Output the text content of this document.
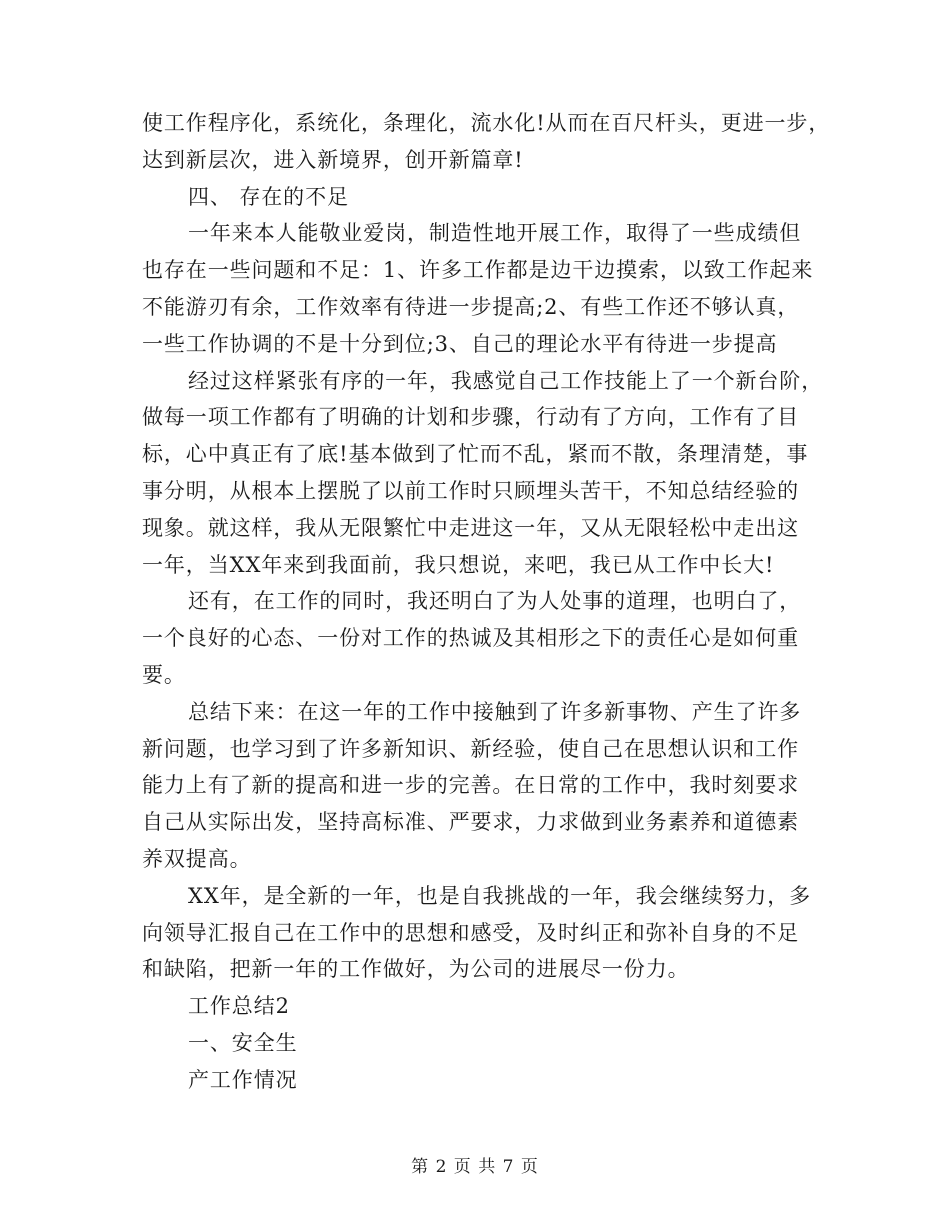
使工作程序化，系统化，条理化，流水化!从而在百尺杆头，更进一步，
达到新层次，进入新境界，创开新篇章!
四、 存在的不足
一年来本人能敬业爱岗，制造性地开展工作，取得了一些成绩但
也存在一些问题和不足：1、许多工作都是边干边摸索，以致工作起来
不能游刃有余，工作效率有待进一步提高;2、有些工作还不够认真，
一些工作协调的不是十分到位;3、自己的理论水平有待进一步提高
经过这样紧张有序的一年，我感觉自己工作技能上了一个新台阶，
做每一项工作都有了明确的计划和步骤，行动有了方向，工作有了目
标，心中真正有了底!基本做到了忙而不乱，紧而不散，条理清楚，事
事分明，从根本上摆脱了以前工作时只顾埋头苦干，不知总结经验的
现象。就这样，我从无限繁忙中走进这一年，又从无限轻松中走出这
一年，当XX年来到我面前，我只想说，来吧，我已从工作中长大!
还有，在工作的同时，我还明白了为人处事的道理，也明白了，
一个良好的心态、一份对工作的热诚及其相形之下的责任心是如何重
要。
总结下来：在这一年的工作中接触到了许多新事物、产生了许多
新问题，也学习到了许多新知识、新经验，使自己在思想认识和工作
能力上有了新的提高和进一步的完善。在日常的工作中，我时刻要求
自己从实际出发，坚持高标准、严要求，力求做到业务素养和道德素
养双提高。
XX年，是全新的一年，也是自我挑战的一年，我会继续努力，多
向领导汇报自己在工作中的思想和感受，及时纠正和弥补自身的不足
和缺陷，把新一年的工作做好，为公司的进展尽一份力。
工作总结2
一、安全生
产工作情况
第 2 页 共 7 页
